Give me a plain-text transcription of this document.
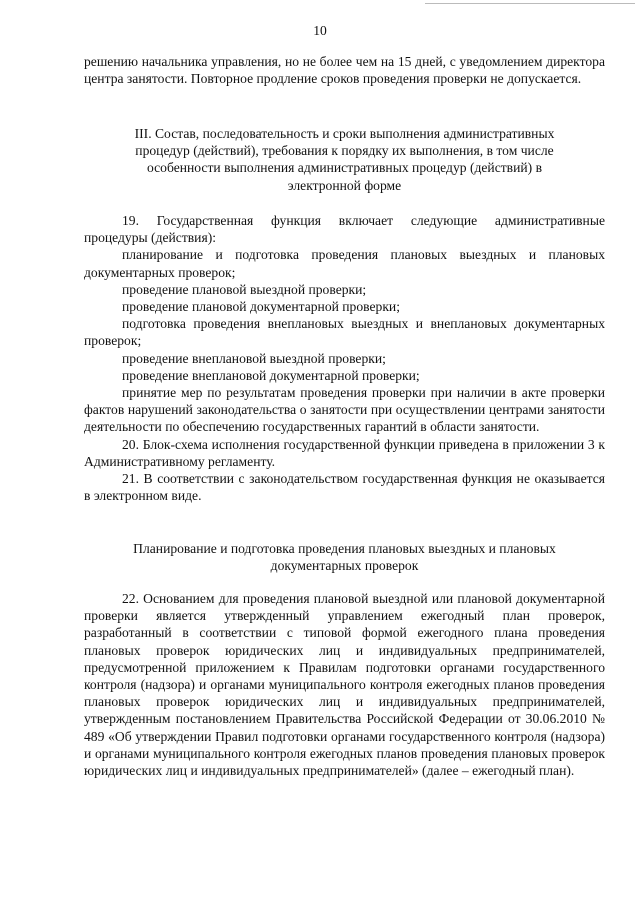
10
решению начальника управления, но не более чем на 15 дней, с уведомлением директора центра занятости. Повторное продление сроков проведения проверки не допускается.
III. Состав, последовательность и сроки выполнения административных
процедур (действий), требования к порядку их выполнения, в том числе
особенности выполнения административных процедур (действий) в
электронной форме
19. Государственная функция включает следующие административные
процедуры (действия):
планирование и подготовка проведения плановых выездных и плановых документарных проверок;
проведение плановой выездной проверки;
проведение плановой документарной проверки;
подготовка проведения внеплановых выездных и внеплановых документарных проверок;
проведение внеплановой выездной проверки;
проведение внеплановой документарной проверки;
принятие мер по результатам проведения проверки при наличии в акте проверки фактов нарушений законодательства о занятости при осуществлении центрами занятости деятельности по обеспечению государственных гарантий в области занятости.
20. Блок-схема исполнения государственной функции приведена в приложении 3 к Административному регламенту.
21. В соответствии с законодательством государственная функция не оказывается в электронном виде.
Планирование и подготовка проведения плановых выездных и плановых
документарных проверок
22. Основанием для проведения плановой выездной или плановой документарной проверки является утвержденный управлением ежегодный план проверок, разработанный в соответствии с типовой формой ежегодного плана проведения плановых проверок юридических лиц и индивидуальных предпринимателей, предусмотренной приложением к Правилам подготовки органами государственного контроля (надзора) и органами муниципального контроля ежегодных планов проведения плановых проверок юридических лиц и индивидуальных предпринимателей, утвержденным постановлением Правительства Российской Федерации от 30.06.2010 № 489 «Об утверждении Правил подготовки органами государственного контроля (надзора) и органами муниципального контроля ежегодных планов проведения плановых проверок юридических лиц и индивидуальных предпринимателей» (далее – ежегодный план).
